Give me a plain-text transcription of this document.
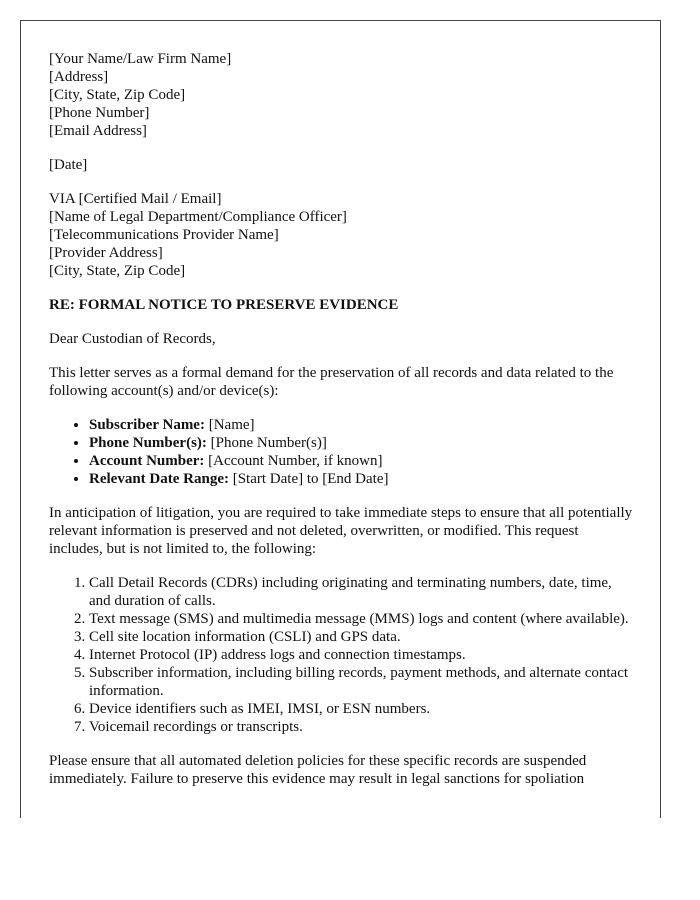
[Your Name/Law Firm Name]
[Address]
[City, State, Zip Code]
[Phone Number]
[Email Address]
[Date]
VIA [Certified Mail / Email]
[Name of Legal Department/Compliance Officer]
[Telecommunications Provider Name]
[Provider Address]
[City, State, Zip Code]
RE: FORMAL NOTICE TO PRESERVE EVIDENCE
Dear Custodian of Records,
This letter serves as a formal demand for the preservation of all records and data related to the following account(s) and/or device(s):
• Subscriber Name: [Name]
• Phone Number(s): [Phone Number(s)]
• Account Number: [Account Number, if known]
• Relevant Date Range: [Start Date] to [End Date]
In anticipation of litigation, you are required to take immediate steps to ensure that all potentially relevant information is preserved and not deleted, overwritten, or modified. This request includes, but is not limited to, the following:
1. Call Detail Records (CDRs) including originating and terminating numbers, date, time, and duration of calls.
2. Text message (SMS) and multimedia message (MMS) logs and content (where available).
3. Cell site location information (CSLI) and GPS data.
4. Internet Protocol (IP) address logs and connection timestamps.
5. Subscriber information, including billing records, payment methods, and alternate contact information.
6. Device identifiers such as IMEI, IMSI, or ESN numbers.
7. Voicemail recordings or transcripts.
Please ensure that all automated deletion policies for these specific records are suspended immediately. Failure to preserve this evidence may result in legal sanctions for spoliation
